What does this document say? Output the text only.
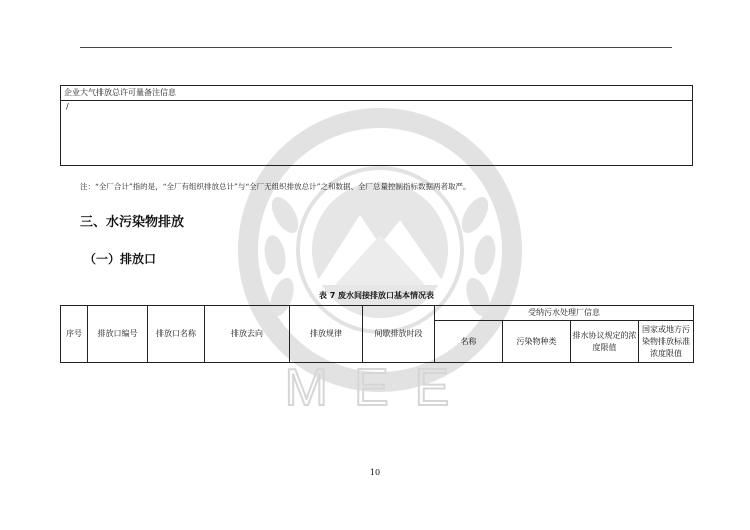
MEE
企业大气排放总许可量备注信息
/
注：“全厂合计”指的是，“全厂有组织排放总计”与“全厂无组织排放总计”之和数据、全厂总量控制指标数据两者取严。
三、水污染物排放
（一）排放口
表 7 废水间接排放口基本情况表
序号	排放口编号	排放口名称	排放去向	排放规律	间歇排放时段	受纳污水处理厂信息			
						名称	污染物种类	排水协议规定的浓度限值	国家或地方污染物排放标准浓度限值
10
